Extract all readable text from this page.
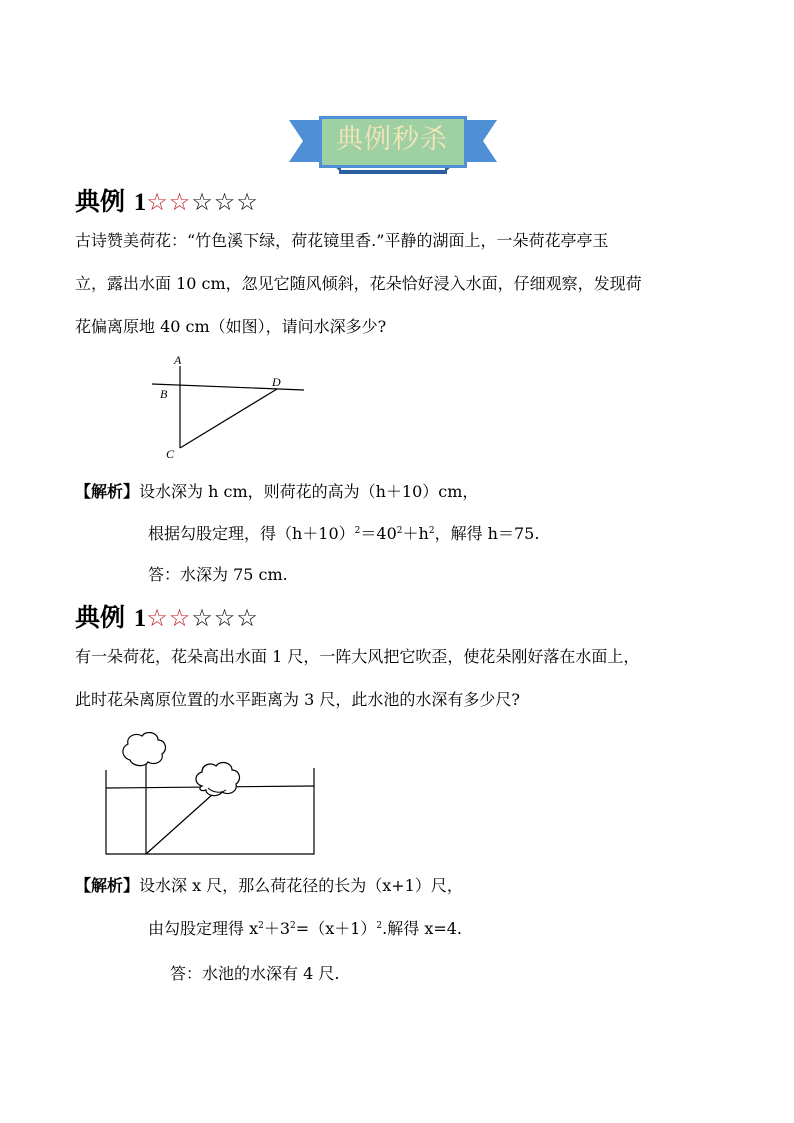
典例秒杀
典例 1☆☆☆☆☆
古诗赞美荷花：“竹色溪下绿，荷花镜里香.”平静的湖面上，一朵荷花亭亭玉
立，露出水面 10 cm，忽见它随风倾斜，花朵恰好浸入水面，仔细观察，发现荷
花偏离原地 40 cm（如图），请问水深多少?
A
B
C
D
【解析】设水深为 h cm，则荷花的高为（h＋10）cm，
根据勾股定理，得$(h+10)^2=40^2+h^2$，解得 h＝75.
答：水深为 75 cm.
典例 1☆☆☆☆☆
有一朵荷花，花朵高出水面 1 尺，一阵大风把它吹歪，使花朵刚好落在水面上，
此时花朵离原位置的水平距离为 3 尺，此水池的水深有多少尺?
【解析】设水深 x 尺，那么荷花径的长为（x+1）尺，
由勾股定理得 $x^2+3^2=(x+1)^2$.解得 x=4.
答：水池的水深有 4 尺.
